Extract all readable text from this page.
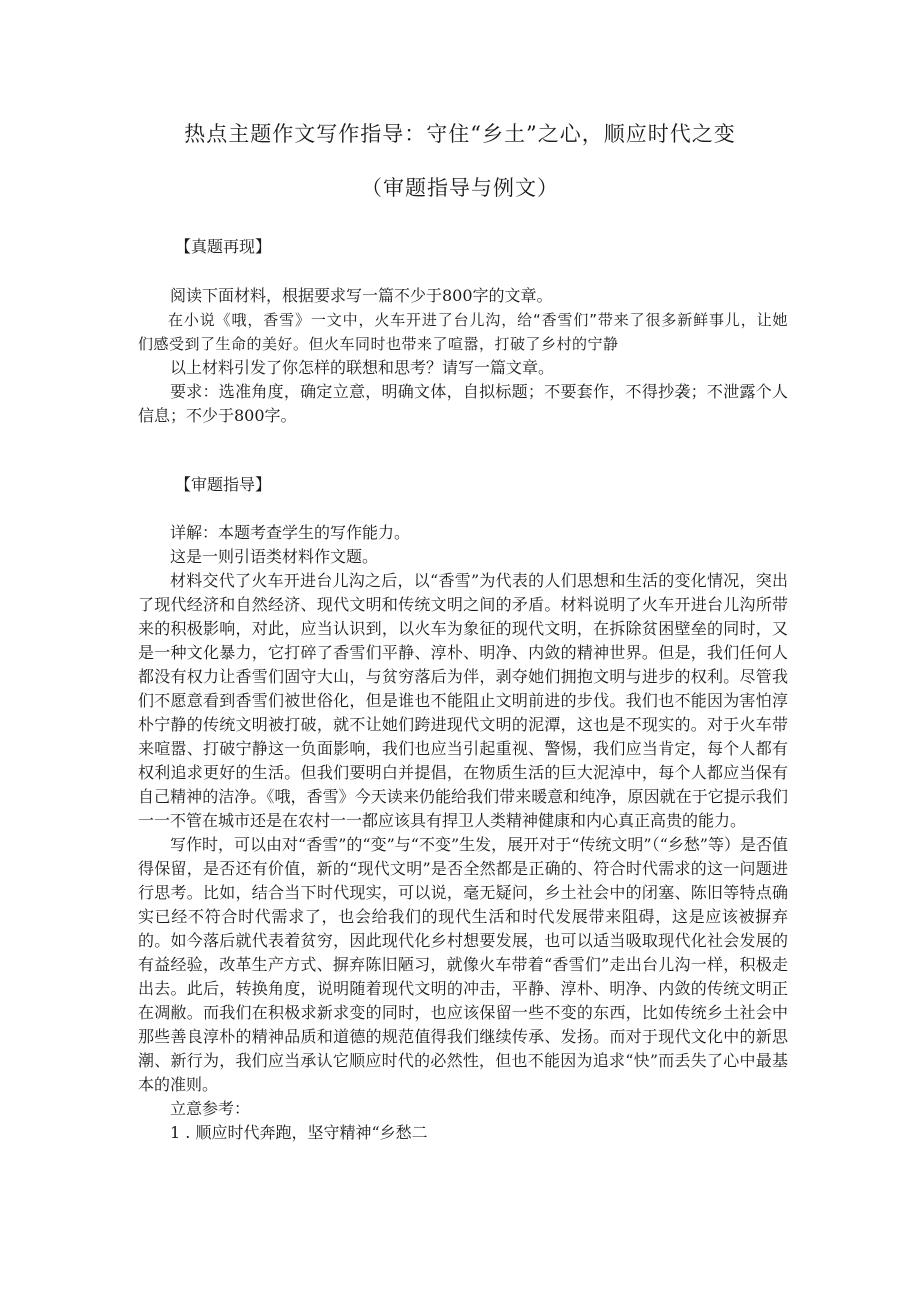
热点主题作文写作指导：守住“乡土”之心，顺应时代之变
（审题指导与例文）
【真题再现】

阅读下面材料，根据要求写一篇不少于800字的文章。

在小说《哦，香雪》一文中，火车开进了台儿沟，给“香雪们”带来了很多新鲜事儿，让她们感受到了生命的美好。但火车同时也带来了喧嚣，打破了乡村的宁静

以上材料引发了你怎样的联想和思考？请写一篇文章。

要求：选准角度，确定立意，明确文体，自拟标题；不要套作，不得抄袭；不泄露个人信息；不少于800字。

【审题指导】

详解：本题考查学生的写作能力。

这是一则引语类材料作文题。

材料交代了火车开进台儿沟之后，以“香雪”为代表的人们思想和生活的变化情况，突出了现代经济和自然经济、现代文明和传统文明之间的矛盾。材料说明了火车开进台儿沟所带来的积极影响，对此，应当认识到，以火车为象征的现代文明，在拆除贫困壁垒的同时，又是一种文化暴力，它打碎了香雪们平静、淳朴、明净、内敛的精神世界。但是，我们任何人都没有权力让香雪们固守大山，与贫穷落后为伴，剥夺她们拥抱文明与进步的权利。尽管我们不愿意看到香雪们被世俗化，但是谁也不能阻止文明前进的步伐。我们也不能因为害怕淳朴宁静的传统文明被打破，就不让她们跨进现代文明的泥潭，这也是不现实的。对于火车带来喧嚣、打破宁静这一负面影响，我们也应当引起重视、警惕，我们应当肯定，每个人都有权利追求更好的生活。但我们要明白并提倡，在物质生活的巨大泥淖中，每个人都应当保有自己精神的洁净。《哦，香雪》今天读来仍能给我们带来暖意和纯净，原因就在于它提示我们一一不管在城市还是在农村一一都应该具有捍卫人类精神健康和内心真正高贵的能力。

写作时，可以由对“香雪”的“变”与“不变”生发，展开对于“传统文明”（“乡愁”等）是否值得保留，是否还有价值，新的“现代文明”是否全然都是正确的、符合时代需求的这一问题进行思考。比如，结合当下时代现实，可以说，毫无疑问，乡土社会中的闭塞、陈旧等特点确实已经不符合时代需求了，也会给我们的现代生活和时代发展带来阻碍，这是应该被摒弃的。如今落后就代表着贫穷，因此现代化乡村想要发展，也可以适当吸取现代化社会发展的有益经验，改革生产方式、摒弃陈旧陋习，就像火车带着“香雪们”走出台儿沟一样，积极走出去。此后，转换角度，说明随着现代文明的冲击，平静、淳朴、明净、内敛的传统文明正在凋敝。而我们在积极求新求变的同时，也应该保留一些不变的东西，比如传统乡土社会中那些善良淳朴的精神品质和道德的规范值得我们继续传承、发扬。而对于现代文化中的新思潮、新行为，我们应当承认它顺应时代的必然性，但也不能因为追求“快”而丢失了心中最基本的准则。

立意参考：

1 . 顺应时代奔跑，坚守精神“乡愁二
